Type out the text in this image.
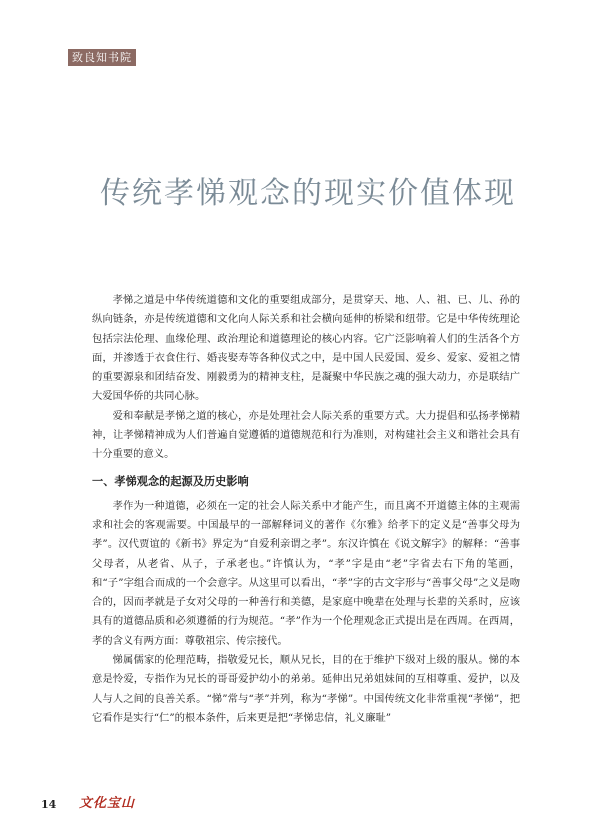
致良知书院
传统孝悌观念的现实价值体现

孝悌之道是中华传统道德和文化的重要组成部分，是贯穿天、地、人、祖、已、儿、孙的纵向链条，亦是传统道德和文化向人际关系和社会横向延伸的桥梁和纽带。它是中华传统理论包括宗法伦理、血缘伦理、政治理论和道德理论的核心内容。它广泛影响着人们的生活各个方面，并渗透于衣食住行、婚丧娶寿等各种仪式之中，是中国人民爱国、爱乡、爱家、爱祖之情的重要源泉和团结奋发、刚毅勇为的精神支柱，是凝聚中华民族之魂的强大动力，亦是联结广大爱国华侨的共同心脉。

爱和奉献是孝悌之道的核心，亦是处理社会人际关系的重要方式。大力提倡和弘扬孝悌精神，让孝悌精神成为人们普遍自觉遵循的道德规范和行为准则，对构建社会主义和谐社会具有十分重要的意义。

一、孝悌观念的起源及历史影响

孝作为一种道德，必须在一定的社会人际关系中才能产生，而且离不开道德主体的主观需求和社会的客观需要。中国最早的一部解释词义的著作《尔雅》给孝下的定义是“善事父母为孝”。汉代贾谊的《新书》界定为“自爱利亲谓之孝”。东汉许慎在《说文解字》的解释：“善事父母者，从老省、从子，子承老也。”许慎认为，“孝”字是由“老”字省去右下角的笔画，和“子”字组合而成的一个会意字。从这里可以看出，“孝”字的古文字形与“善事父母”之义是吻合的，因而孝就是子女对父母的一种善行和美德，是家庭中晚辈在处理与长辈的关系时，应该具有的道德品质和必须遵循的行为规范。“孝”作为一个伦理观念正式提出是在西周。在西周，孝的含义有两方面：尊敬祖宗、传宗接代。

悌属儒家的伦理范畴，指敬爱兄长，顺从兄长，目的在于维护下级对上级的服从。悌的本意是怜爱，专指作为兄长的哥哥爱护幼小的弟弟。延伸出兄弟姐妹间的互相尊重、爱护，以及人与人之间的良善关系。“悌”常与“孝”并列，称为“孝悌”。中国传统文化非常重视“孝悌”，把它看作是实行“仁”的根本条件，后来更是把“孝悌忠信，礼义廉耻”

14 文化宝山
